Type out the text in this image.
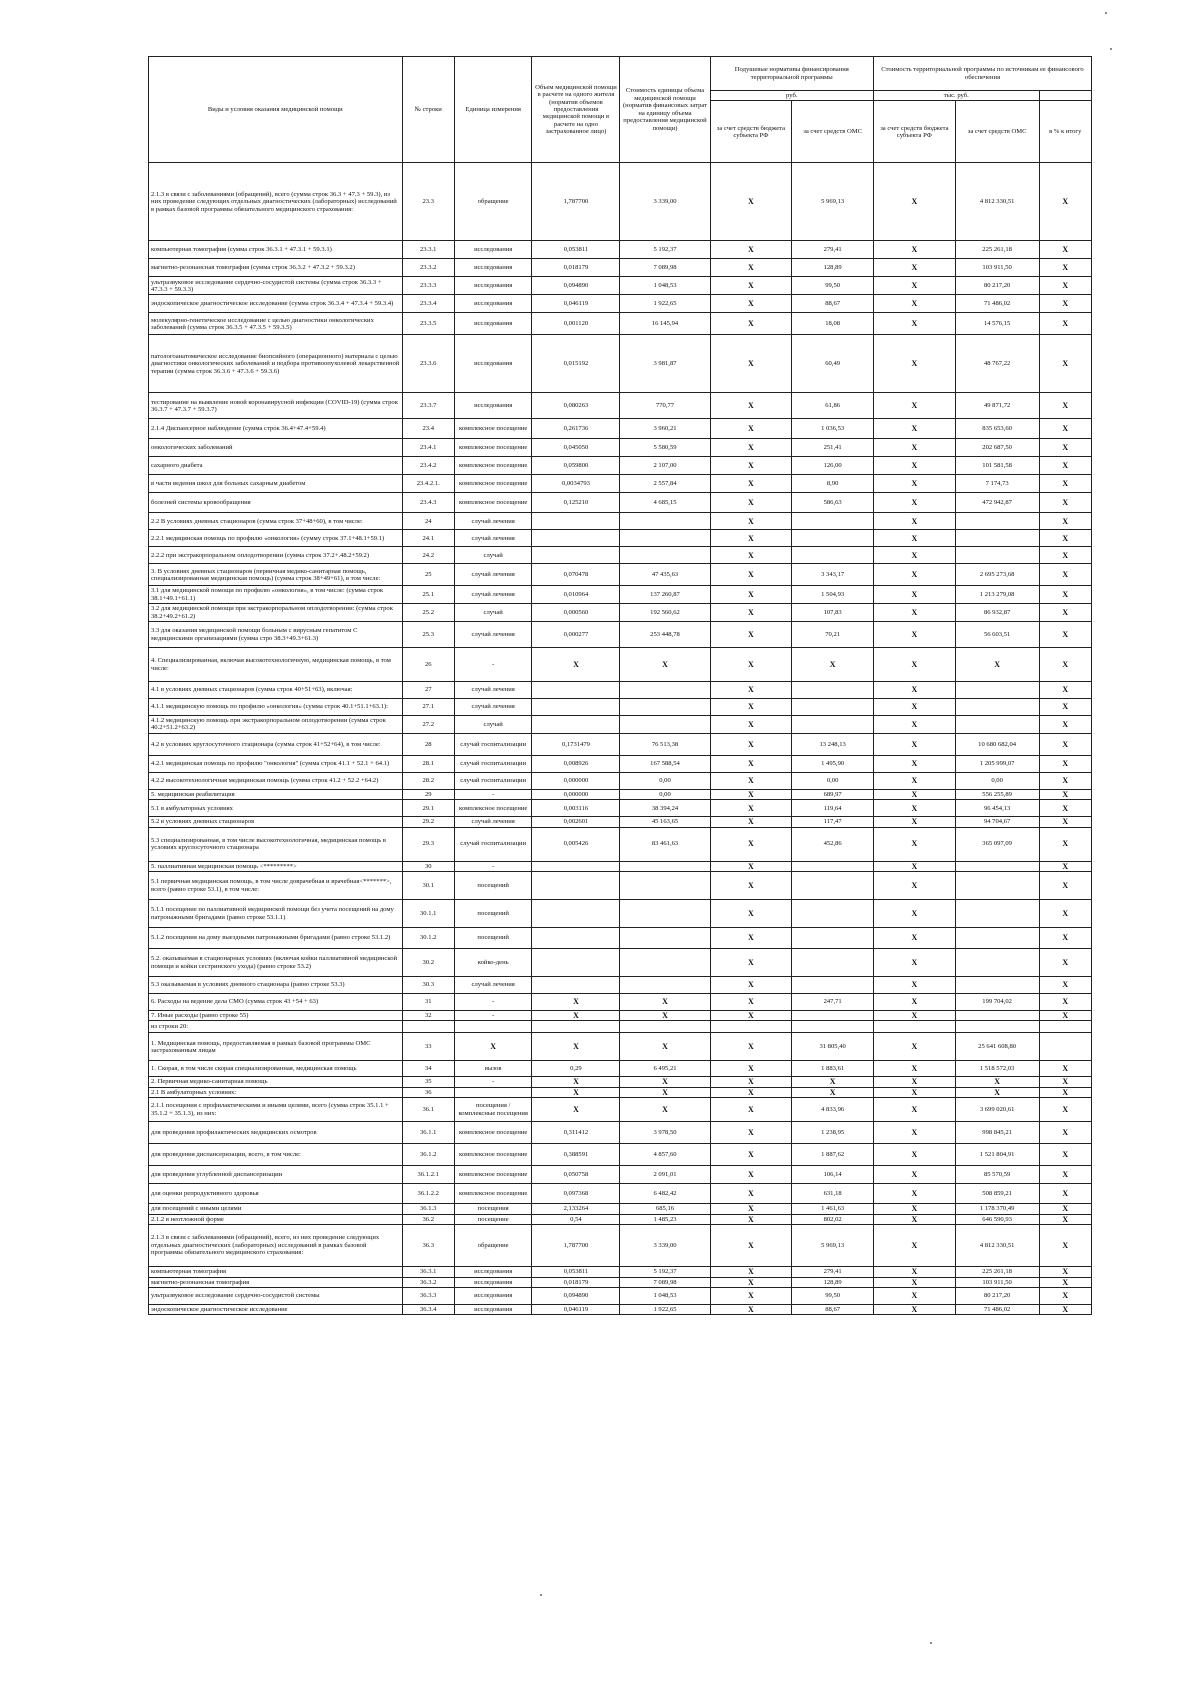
Виды и условия оказания медицинской помощи	№ строки	Единица измерения	Объем медицинской помощи в расчете на одного жителя (норматив объемов предоставления медицинской помощи в расчете на одно застрахованное лицо)	Стоимость единицы объема медицинской помощи (норматив финансовых затрат на единицу объема предоставления медицинской помощи)	Подушевые нормативы финансирования территориальной программы		Стоимость территориальной программы по источникам ее финансового обеспечения		
					руб.		тыс. руб.		
					за счет средств бюджета субъекта РФ	за счет средств ОМС	за счет средств бюджета субъекта РФ	за счет средств ОМС	в % к итогу
2.1.3 в связи с заболеваниями (обращений), всего (сумма строк 36.3 + 47.3 + 59.3), из них проведение следующих отдельных диагностических (лабораторных) исследований в рамках базовой программы обязательного медицинского страхования:	23.3	обращение	1,787700	3 339,00	X	5 969,13	X	4 812 330,51	X
компьютерная томография (сумма строк 36.3.1 + 47.3.1 + 59.3.1)	23.3.1	исследования	0,053811	5 192,37	X	279,41	X	225 261,18	X
магнитно-резонансная томография (сумма строк 36.3.2 + 47.3.2 + 59.3.2)	23.3.2	исследования	0,018179	7 089,98	X	128,89	X	103 911,50	X
ультразвуковое исследование сердечно-сосудистой системы (сумма строк 36.3.3 + 47.3.3 + 59.3.3)	23.3.3	исследования	0,094890	1 048,53	X	99,50	X	80 217,20	X
эндоскопическое диагностическое исследование (сумма строк 36.3.4 + 47.3.4 + 59.3.4)	23.3.4	исследования	0,046119	1 922,65	X	88,67	X	71 486,02	X
молекулярно-генетическое исследование с целью диагностики онкологических заболеваний (сумма строк 36.3.5 + 47.3.5 + 59.3.5)	23.3.5	исследования	0,001120	16 145,94	X	18,08	X	14 576,15	X
патологоанатомическое исследование биопсийного (операционного) материала с целью диагностики онкологических заболеваний и подбора противоопухолевой лекарственной терапии (сумма строк 36.3.6 + 47.3.6 + 59.3.6)	23.3.6	исследования	0,015192	3 981,87	X	60,49	X	48 767,22	X
тестирование на выявление новой коронавирусной инфекции (COVID-19) (сумма строк 36.3.7 + 47.3.7 + 59.3.7)	23.3.7	исследования	0,080263	770,77	X	61,86	X	49 871,72	X
2.1.4 Диспансерное наблюдение (сумма строк 36.4+47.4+59.4)	23.4	комплексное посещение	0,261736	3 960,21	X	1 036,53	X	835 653,60	X
онкологических заболеваний	23.4.1	комплексное посещение	0,045050	5 580,59	X	251,41	X	202 687,50	X
сахарного диабета	23.4.2	комплексное посещение	0,059800	2 107,00	X	126,00	X	101 581,58	X
в части ведения школ для больных сахарным диабетом	23.4.2.1.	комплексное посещение	0,0034793	2 557,84	X	8,90	X	7 174,73	X
болезней системы кровообращения	23.4.3	комплексное посещение	0,125210	4 685,15	X	586,63	X	472 942,87	X
2.2 В условиях дневных стационаров (сумма строк 37+48+60), в том числе:	24	случай лечения			X		X		X
2.2.1 медицинская помощь по профилю «онкология» (сумму строк 37.1+48.1+59.1)	24.1	случай лечения			X		X		X
2.2.2 при экстракорпоральном оплодотворении (сумма строк 37.2+.48.2+59.2)	24.2	случай			X		X		X
3. В условиях дневных стационаров (первичная медико-санитарная помощь, специализированная медицинская помощь) (сумма строк 38+49+61), в том числе:	25	случай лечения	0,070478	47 435,63	X	3 343,17	X	2 695 273,68	X
3.1 для медицинской помощи по профилю «онкология», в том числе: (сумма строк 38.1+49.1+61.1)	25.1	случай лечения	0,010964	137 260,87	X	1 504,93	X	1 213 279,08	X
3.2 для медицинской помощи при экстракорпоральном оплодотворении: (сумма строк 38.2+49.2+61.2)	25.2	случай	0,000560	192 560,62	X	107,83	X	86 932,87	X
3.3 для оказания медицинской помощи больным с вирусным гепатитом С медицинскими организациями (сумма стро 38.3+49.3+61.3)	25.3	случай лечения	0,000277	253 448,78	X	70,21	X	56 603,51	X
4. Специализированная, включая высокотехнологичную, медицинская помощь, в том числе:	26	-	X	X	X	X	X	X	X
4.1 в условиях дневных стационаров (сумма строк 40+51+63), включая:	27	случай лечения			X		X		X
4.1.1 медицинскую помощь по профилю «онкология» (сумма строк 40.1+51.1+63.1):	27.1	случай лечения			X		X		X
4.1.2 медицинскую помощь при экстракорпоральном оплодотворении (сумма строк 40.2+51.2+63.2)	27.2	случай			X		X		X
4.2 в условиях круглосуточного стационара (сумма строк 41+52+64), в том числе:	28	случай госпитализации	0,1731479	76 513,38	X	13 248,13	X	10 680 682,04	X
4.2.1 медицинская помощь по профилю "онкология" (сумма строк 41.1 + 52.1 + 64.1)	28.1	случай госпитализации	0,008926	167 588,54	X	1 495,90	X	1 205 999,07	X
4.2.2 высокотехнологичная медицинская помощь (сумма строк 41.2 + 52.2 +64.2)	28.2	случай госпитализации	0,000000	0,00	X	0,00	X	0,00	X
5. медицинская реабилитация	29	-	0,000000	0,00	X	689,97	X	556 255,89	X
5.1 в амбулаторных условиях	29.1	комплексное посещение	0,003116	38 394,24	X	119,64	X	96 454,13	X
5.2 в условиях дневных стационаров	29.2	случай лечения	0,002601	45 163,65	X	117,47	X	94 704,67	X
5.3 специализированная, в том числе высокотехнологичная, медицинская помощь в условиях круглосуточного стационара	29.3	случай госпитализации	0,005426	83 461,63	X	452,86	X	365 097,09	X
5. паллиативная медицинская помощь <*********>	30	-			X		X		X
5.1 первичная медицинская помощь, в том числе доврачебная и врачебная<*******>, всего (равно строке 53.1), в том числе:	30.1	посещений			X		X		X
5.1.1 посещение по паллиативной медицинской помощи без учета посещений на дому патронажными бригадами (равно строке 53.1.1)	30.1.1	посещений			X		X		X
5.1.2 посещения на дому выездными патронажными бригадами (равно строке 53.1.2)	30.1.2	посещений			X		X		X
5.2. оказываемая в стационарных условиях (включая койки паллиативной медицинской помощи и койки сестринского ухода) (равно строке 53.2)	30.2	койко-день			X		X		X
5.3 оказываемая в условиях дневного стационара (равно строке 53.3)	30.3	случай лечения			X		X		X
6. Расходы на ведение дела СМО (сумма строк 43 +54 + 63)	31	-	X	X	X	247,71	X	199 704,02	X
7. Иные расходы (равно строке 55)	32	-	X	X	X		X		X
из строки 20:									
1. Медицинская помощь, предоставляемая в рамках базовой программы ОМС застрахованным лицам	33	X	X	X	X	31 805,40	X	25 641 608,80	
1. Скорая, в том числе скорая специализированная, медицинская помощь	34	вызов	0,29	6 495,21	X	1 883,61	X	1 518 572,03	X
2. Первичная медико-санитарная помощь	35	-	X	X	X	X	X	X	X
2.1 В амбулаторных условиях:	36		X	X	X	X	X	X	X
2.1.1 посещения с профилактическими и иными целями, всего (сумма строк 35.1.1 + 35.1.2 + 35.1.3), из них:	36.1	посещения / комплексные посещения	X	X	X	4 833,96	X	3 699 020,61	X
для проведения профилактических медицинских осмотров	36.1.1	комплексное посещение	0,311412	3 978,50	X	1 238,95	X	998 845,21	X
для проведения диспансеризации, всего, в том числе:	36.1.2	комплексное посещение	0,388591	4 857,60	X	1 887,62	X	1 521 804,91	X
для проведения углубленной диспансеризации	36.1.2.1	комплексное посещение	0,050758	2 091,01	X	106,14	X	85 570,59	X
для оценки репродуктивного здоровья	36.1.2.2	комплексное посещение	0,097368	6 482,42	X	631,18	X	508 859,21	X
для посещений с иными целями	36.1.3	посещения	2,133264	685,16	X	1 461,63	X	1 178 370,49	X
2.1.2 в неотложной форме	36.2	посещение	0,54	1 485,23	X	802,02	X	646 590,93	X
2.1.3 в связи с заболеваниями (обращений), всего, из них проведение следующих отдельных диагностических (лабораторных) исследований в рамках базовой программы обязательного медицинского страхования:	36.3	обращение	1,787700	3 339,00	X	5 969,13	X	4 812 330,51	X
компьютерная томография	36.3.1	исследования	0,053811	5 192,37	X	279,41	X	225 261,18	X
магнитно-резонансная томография	36.3.2	исследования	0,018179	7 089,98	X	128,89	X	103 911,50	X
ультразвуковое исследование сердечно-сосудистой системы	36.3.3	исследования	0,094890	1 048,53	X	99,50	X	80 217,20	X
эндоскопическое диагностическое исследование	36.3.4	исследования	0,046119	1 922,65	X	88,67	X	71 486,02	X
